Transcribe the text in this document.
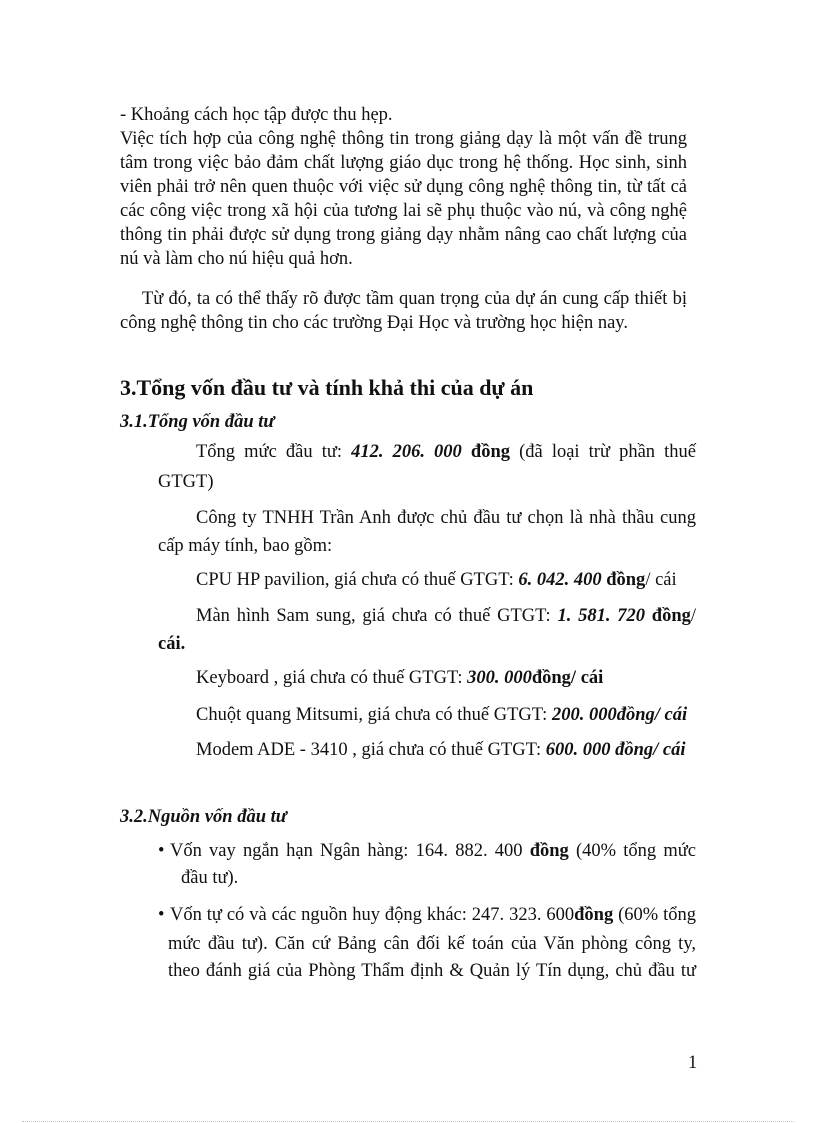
- Khoảng cách học tập được thu hẹp.
Việc tích hợp của công nghệ thông tin trong giảng dạy là một vấn đề trung
tâm trong việc bảo đảm chất lượng giáo dục trong hệ thống. Học sinh, sinh
viên phải trở nên quen thuộc với việc sử dụng công nghệ thông tin, từ tất cả
các công việc trong xã hội của tương lai sẽ phụ thuộc vào nú, và công nghệ
thông tin phải được sử dụng trong giảng dạy nhằm nâng cao chất lượng của
nú và làm cho nú hiệu quả hơn.
Từ đó, ta có thể thấy rõ được tầm quan trọng của dự án cung cấp thiết bị
công nghệ thông tin cho các trường Đại Học và trường học hiện nay.
3.Tổng vốn đầu tư và tính khả thi của dự án
3.1.Tổng vốn đầu tư
Tổng mức đầu tư: 412. 206. 000 đồng (đã loại trừ phần thuế
GTGT)
Công ty TNHH Trần Anh được chủ đầu tư chọn là nhà thầu cung
cấp máy tính, bao gồm:
CPU HP pavilion, giá chưa có thuế GTGT: 6. 042. 400 đồng/ cái
Màn hình Sam sung, giá chưa có thuế GTGT: 1. 581. 720 đồng/
cái.
Keyboard , giá chưa có thuế GTGT: 300. 000đồng/ cái
Chuột quang Mitsumi, giá chưa có thuế GTGT: 200. 000đồng/ cái
Modem ADE - 3410 , giá chưa có thuế GTGT: 600. 000 đồng/ cái
3.2.Nguồn vốn đầu tư
• Vốn vay ngắn hạn Ngân hàng: 164. 882. 400 đồng (40% tổng mức
đầu tư).
• Vốn tự có và các nguồn huy động khác: 247. 323. 600đồng (60% tổng
mức đầu tư). Căn cứ Bảng cân đối kế toán của Văn phòng công ty,
theo đánh giá của Phòng Thẩm định & Quản lý Tín dụng, chủ đầu tư
1
